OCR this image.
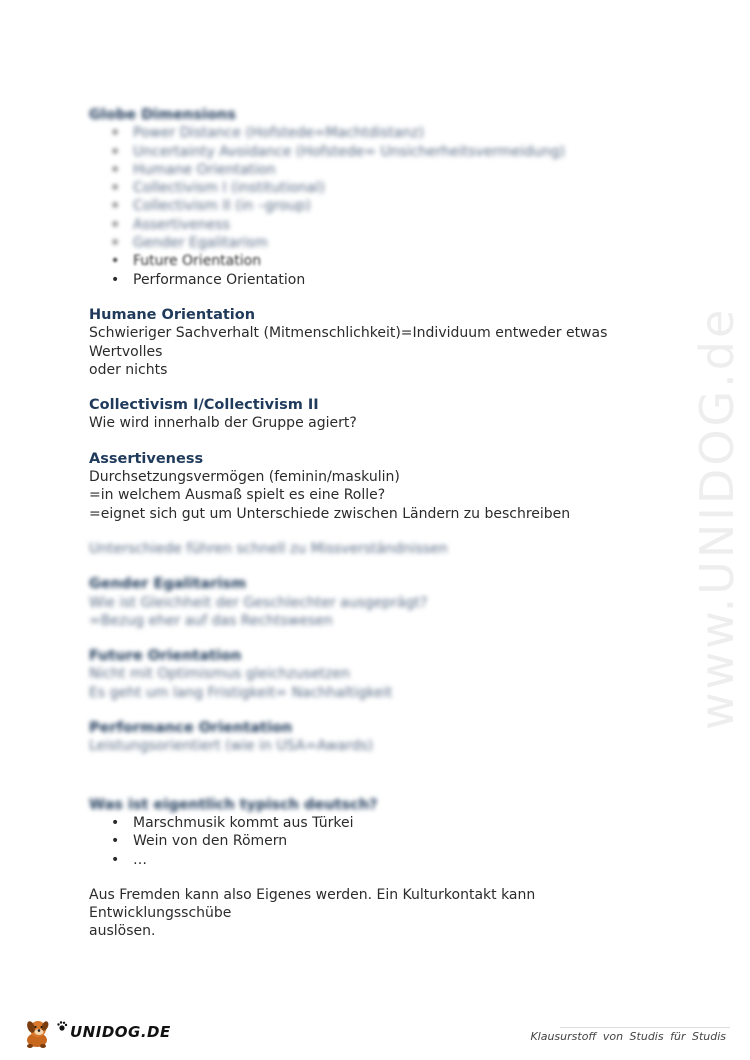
Globe Dimensions
• Power Distance (Hofstede=Machtdistanz)
• Uncertainty Avoidance (Hofstede= Unsicherheitsvermeidung)
• Humane Orientation
• Collectivism I (institutional)
• Collectivism II (in –group)
• Assertiveness
• Gender Egalitarism
• Future Orientation
• Performance Orientation
Humane Orientation
Schwieriger Sachverhalt (Mitmenschlichkeit)=Individuum entweder etwas Wertvolles
oder nichts
Collectivism I/Collectivism II
Wie wird innerhalb der Gruppe agiert?
Assertiveness
Durchsetzungsvermögen (feminin/maskulin)
=in welchem Ausmaß spielt es eine Rolle?
=eignet sich gut um Unterschiede zwischen Ländern zu beschreiben
Unterschiede führen schnell zu Missverständnissen
Gender Egalitarism
Wie ist Gleichheit der Geschlechter ausgeprägt?
=Bezug eher auf das Rechtswesen
Future Orientation
Nicht mit Optimismus gleichzusetzen
Es geht um lang Fristigkeit= Nachhaltigkeit
Performance Orientation
Leistungsorientiert (wie in USA=Awards)
Was ist eigentlich typisch deutsch?
• Marschmusik kommt aus Türkei
• Wein von den Römern
• …
Aus Fremden kann also Eigenes werden. Ein Kulturkontakt kann Entwicklungsschübe
auslösen.
www.UNIDOG.de
UNIDOG.DE	Klausurstoff von Studis für Studis
